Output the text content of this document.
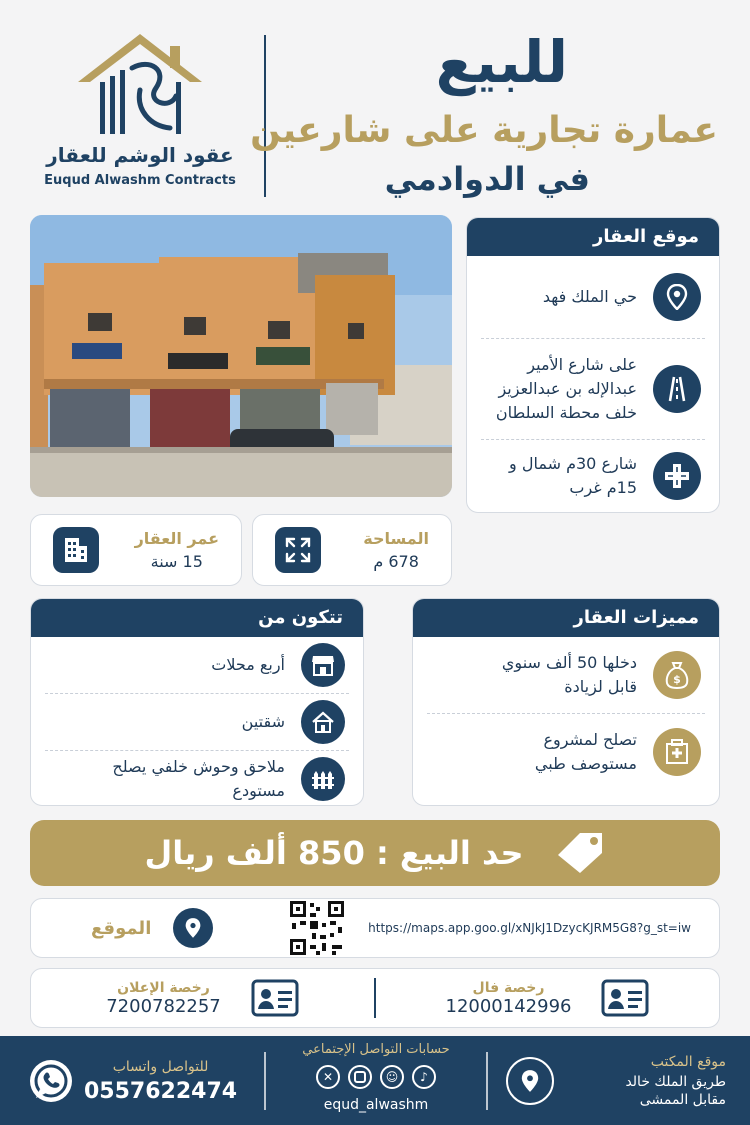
عقود الوشم للعقار
Euqud Alwashm Contracts
للبيع
عمارة تجارية على شارعين
في الدوادمي
موقع العقار
حي الملك فهد
على شارع الأمير عبدالإله بن عبدالعزيز خلف محطة السلطان
شارع 30م شمال و 15م غرب
عمر العقار
15 سنة
المساحة
678 م
تتكون من
أربع محلات
شقتين
ملاحق وحوش خلفي يصلح مستودع
مميزات العقار
دخلها 50 ألف سنوي قابل لزيادة	$
تصلح لمشروع مستوصف طبي
حد البيع : 850 ألف ريال
الموقع	https://maps.app.goo.gl/xNJkJ1DzycKJRM5G8?g_st=iw
رخصة الإعلان
7200782257
رخصة فال
12000142996
للتواصل واتساب
0557622474
حسابات التواصل الإجتماعي
✕	☺	♪
equd_alwashm
موقع المكتب
طريق الملك خالد
مقابل الممشى
